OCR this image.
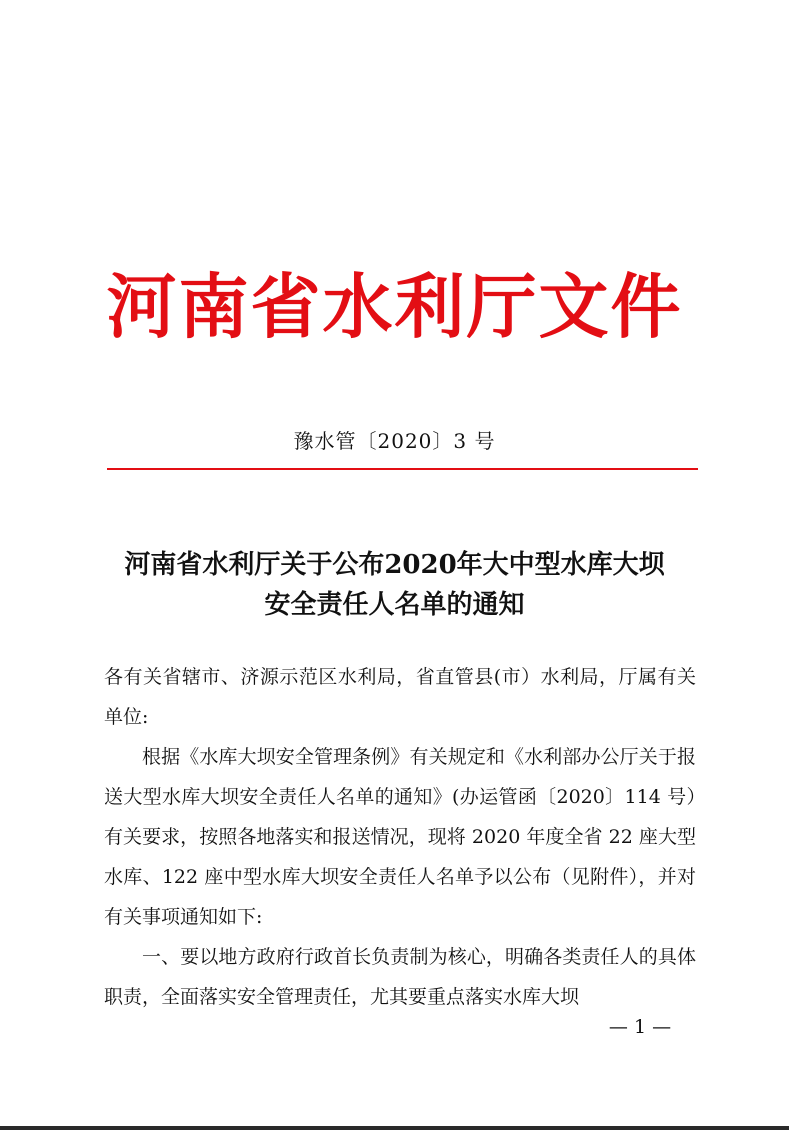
河南省水利厅文件
豫水管〔2020〕3 号
河南省水利厅关于公布2020年大中型水库大坝
安全责任人名单的通知

各有关省辖市、济源示范区水利局，省直管县(市）水利局，厅属有关单位:

根据《水库大坝安全管理条例》有关规定和《水利部办公厅关于报送大型水库大坝安全责任人名单的通知》(办运管函〔2020〕114 号）有关要求，按照各地落实和报送情况，现将 2020 年度全省 22 座大型水库、122 座中型水库大坝安全责任人名单予以公布（见附件），并对有关事项通知如下:

一、要以地方政府行政首长负责制为核心，明确各类责任人的具体职责，全面落实安全管理责任，尤其要重点落实水库大坝

— 1 —
